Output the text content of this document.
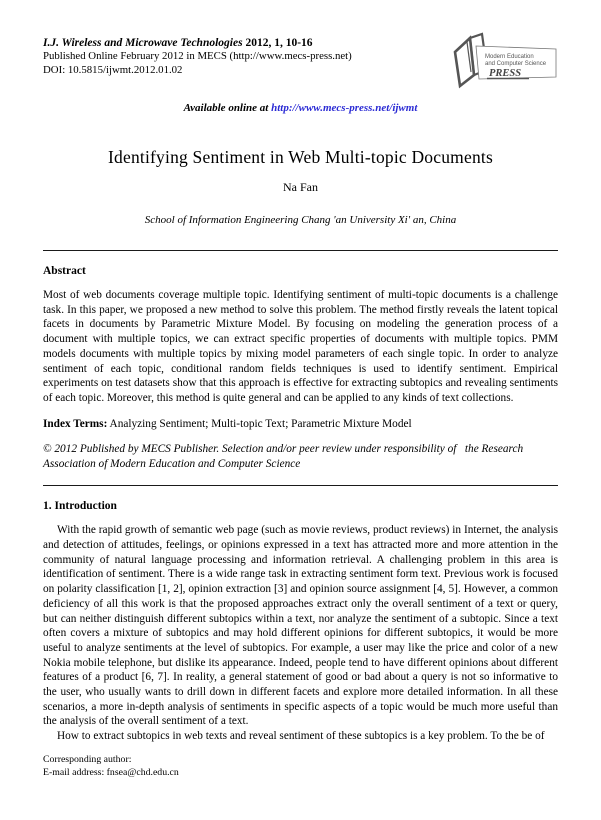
I.J. Wireless and Microwave Technologies 2012, 1, 10-16
Published Online February 2012 in MECS (http://www.mecs-press.net)
DOI: 10.5815/ijwmt.2012.01.02
Modern Education
and Computer Science
PRESS
Available online at http://www.mecs-press.net/ijwmt
Identifying Sentiment in Web Multi-topic Documents
Na Fan
School of Information Engineering Chang 'an University Xi' an, China
Abstract

Most of web documents coverage multiple topic. Identifying sentiment of multi-topic documents is a challenge task. In this paper, we proposed a new method to solve this problem. The method firstly reveals the latent topical facets in documents by Parametric Mixture Model. By focusing on modeling the generation process of a document with multiple topics, we can extract specific properties of documents with multiple topics. PMM models documents with multiple topics by mixing model parameters of each single topic. In order to analyze sentiment of each topic, conditional random fields techniques is used to identify sentiment. Empirical experiments on test datasets show that this approach is effective for extracting subtopics and revealing sentiments of each topic. Moreover, this method is quite general and can be applied to any kinds of text collections.

Index Terms: Analyzing Sentiment; Multi-topic Text; Parametric Mixture Model

© 2012 Published by MECS Publisher. Selection and/or peer review under responsibility of   the Research Association of Modern Education and Computer Science

1. Introduction

With the rapid growth of semantic web page (such as movie reviews, product reviews) in Internet, the analysis and detection of attitudes, feelings, or opinions expressed in a text has attracted more and more attention in the community of natural language processing and information retrieval. A challenging problem in this area is identification of sentiment. There is a wide range task in extracting sentiment form text. Previous work is focused on polarity classification [1, 2], opinion extraction [3] and opinion source assignment [4, 5]. However, a common deficiency of all this work is that the proposed approaches extract only the overall sentiment of a text or query, but can neither distinguish different subtopics within a text, nor analyze the sentiment of a subtopic. Since a text often covers a mixture of subtopics and may hold different opinions for different subtopics, it would be more useful to analyze sentiments at the level of subtopics. For example, a user may like the price and color of a new Nokia mobile telephone, but dislike its appearance. Indeed, people tend to have different opinions about different features of a product [6, 7]. In reality, a general statement of good or bad about a query is not so informative to the user, who usually wants to drill down in different facets and explore more detailed information. In all these scenarios, a more in-depth analysis of sentiments in specific aspects of a topic would be much more useful than the analysis of the overall sentiment of a text.

How to extract subtopics in web texts and reveal sentiment of these subtopics is a key problem. To the be of

Corresponding author:
E-mail address: fnsea@chd.edu.cn
